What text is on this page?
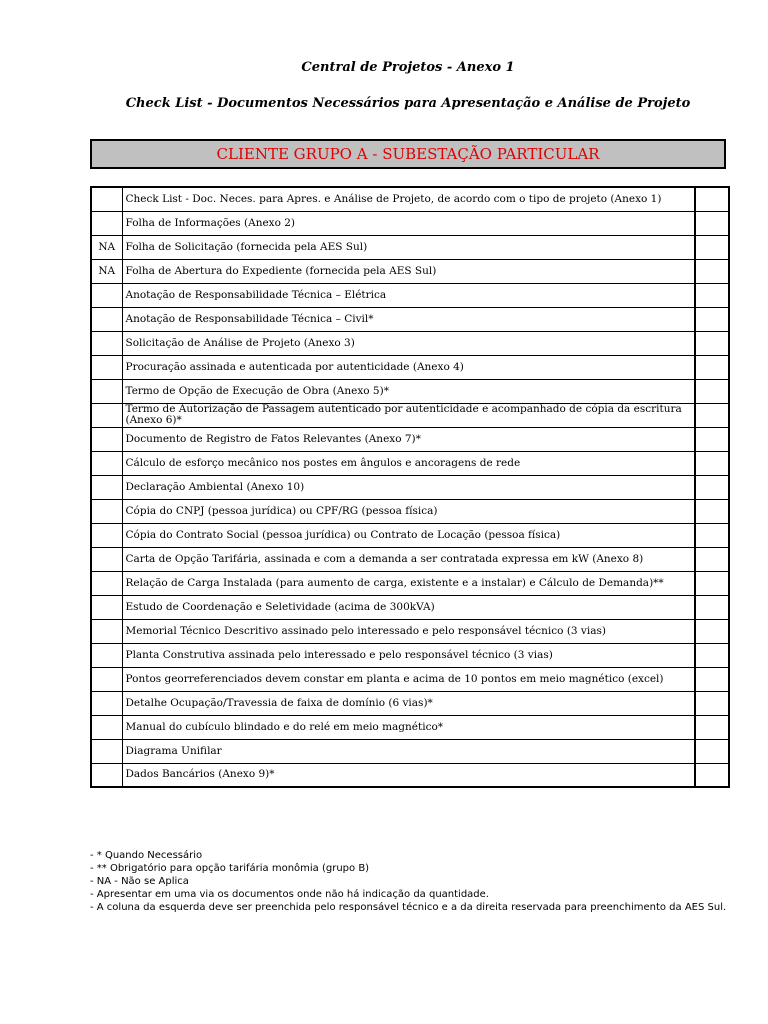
Central de Projetos - Anexo 1
Check List - Documentos Necessários para Apresentação e Análise de Projeto
CLIENTE GRUPO A - SUBESTAÇÃO PARTICULAR
	Check List - Doc. Neces. para Apres. e Análise de Projeto, de acordo com o tipo de projeto (Anexo 1)	
	Folha de Informações (Anexo 2)	
NA	Folha de Solicitação (fornecida pela AES Sul)	
NA	Folha de Abertura do Expediente (fornecida pela AES Sul)	
	Anotação de Responsabilidade Técnica – Elétrica	
	Anotação de Responsabilidade Técnica – Civil*	
	Solicitação de Análise de Projeto (Anexo 3)	
	Procuração assinada e autenticada por autenticidade (Anexo 4)	
	Termo de Opção de Execução de Obra (Anexo 5)*	
	Termo de Autorização de Passagem autenticado por autenticidade e acompanhado de cópia da escritura (Anexo 6)*	
	Documento de Registro de Fatos Relevantes (Anexo 7)*	
	Cálculo de esforço mecânico nos postes em ângulos e ancoragens de rede	
	Declaração Ambiental (Anexo 10)	
	Cópia do CNPJ (pessoa jurídica) ou CPF/RG (pessoa física)	
	Cópia do Contrato Social (pessoa jurídica) ou Contrato de Locação (pessoa física)	
	Carta de Opção Tarifária, assinada e com a demanda a ser contratada expressa em kW (Anexo 8)	
	Relação de Carga Instalada (para aumento de carga, existente e a instalar) e Cálculo de Demanda)**	
	Estudo de Coordenação e Seletividade (acima de 300kVA)	
	Memorial Técnico Descritivo assinado pelo interessado e pelo responsável técnico (3 vias)	
	Planta Construtiva assinada pelo interessado e pelo responsável técnico (3 vias)	
	Pontos georreferenciados devem constar em planta e acima de 10 pontos em meio magnético (excel)	
	Detalhe Ocupação/Travessia de faixa de domínio (6 vias)*	
	Manual do cubículo blindado e do relé em meio magnético*	
	Diagrama Unifilar	
	Dados Bancários (Anexo 9)*	
- * Quando Necessário
- ** Obrigatório para opção tarifária monômia (grupo B)
- NA - Não se Aplica
- Apresentar em uma via os documentos onde não há indicação da quantidade.
- A coluna da esquerda deve ser preenchida pelo responsável técnico e a da direita reservada para preenchimento da AES Sul.
